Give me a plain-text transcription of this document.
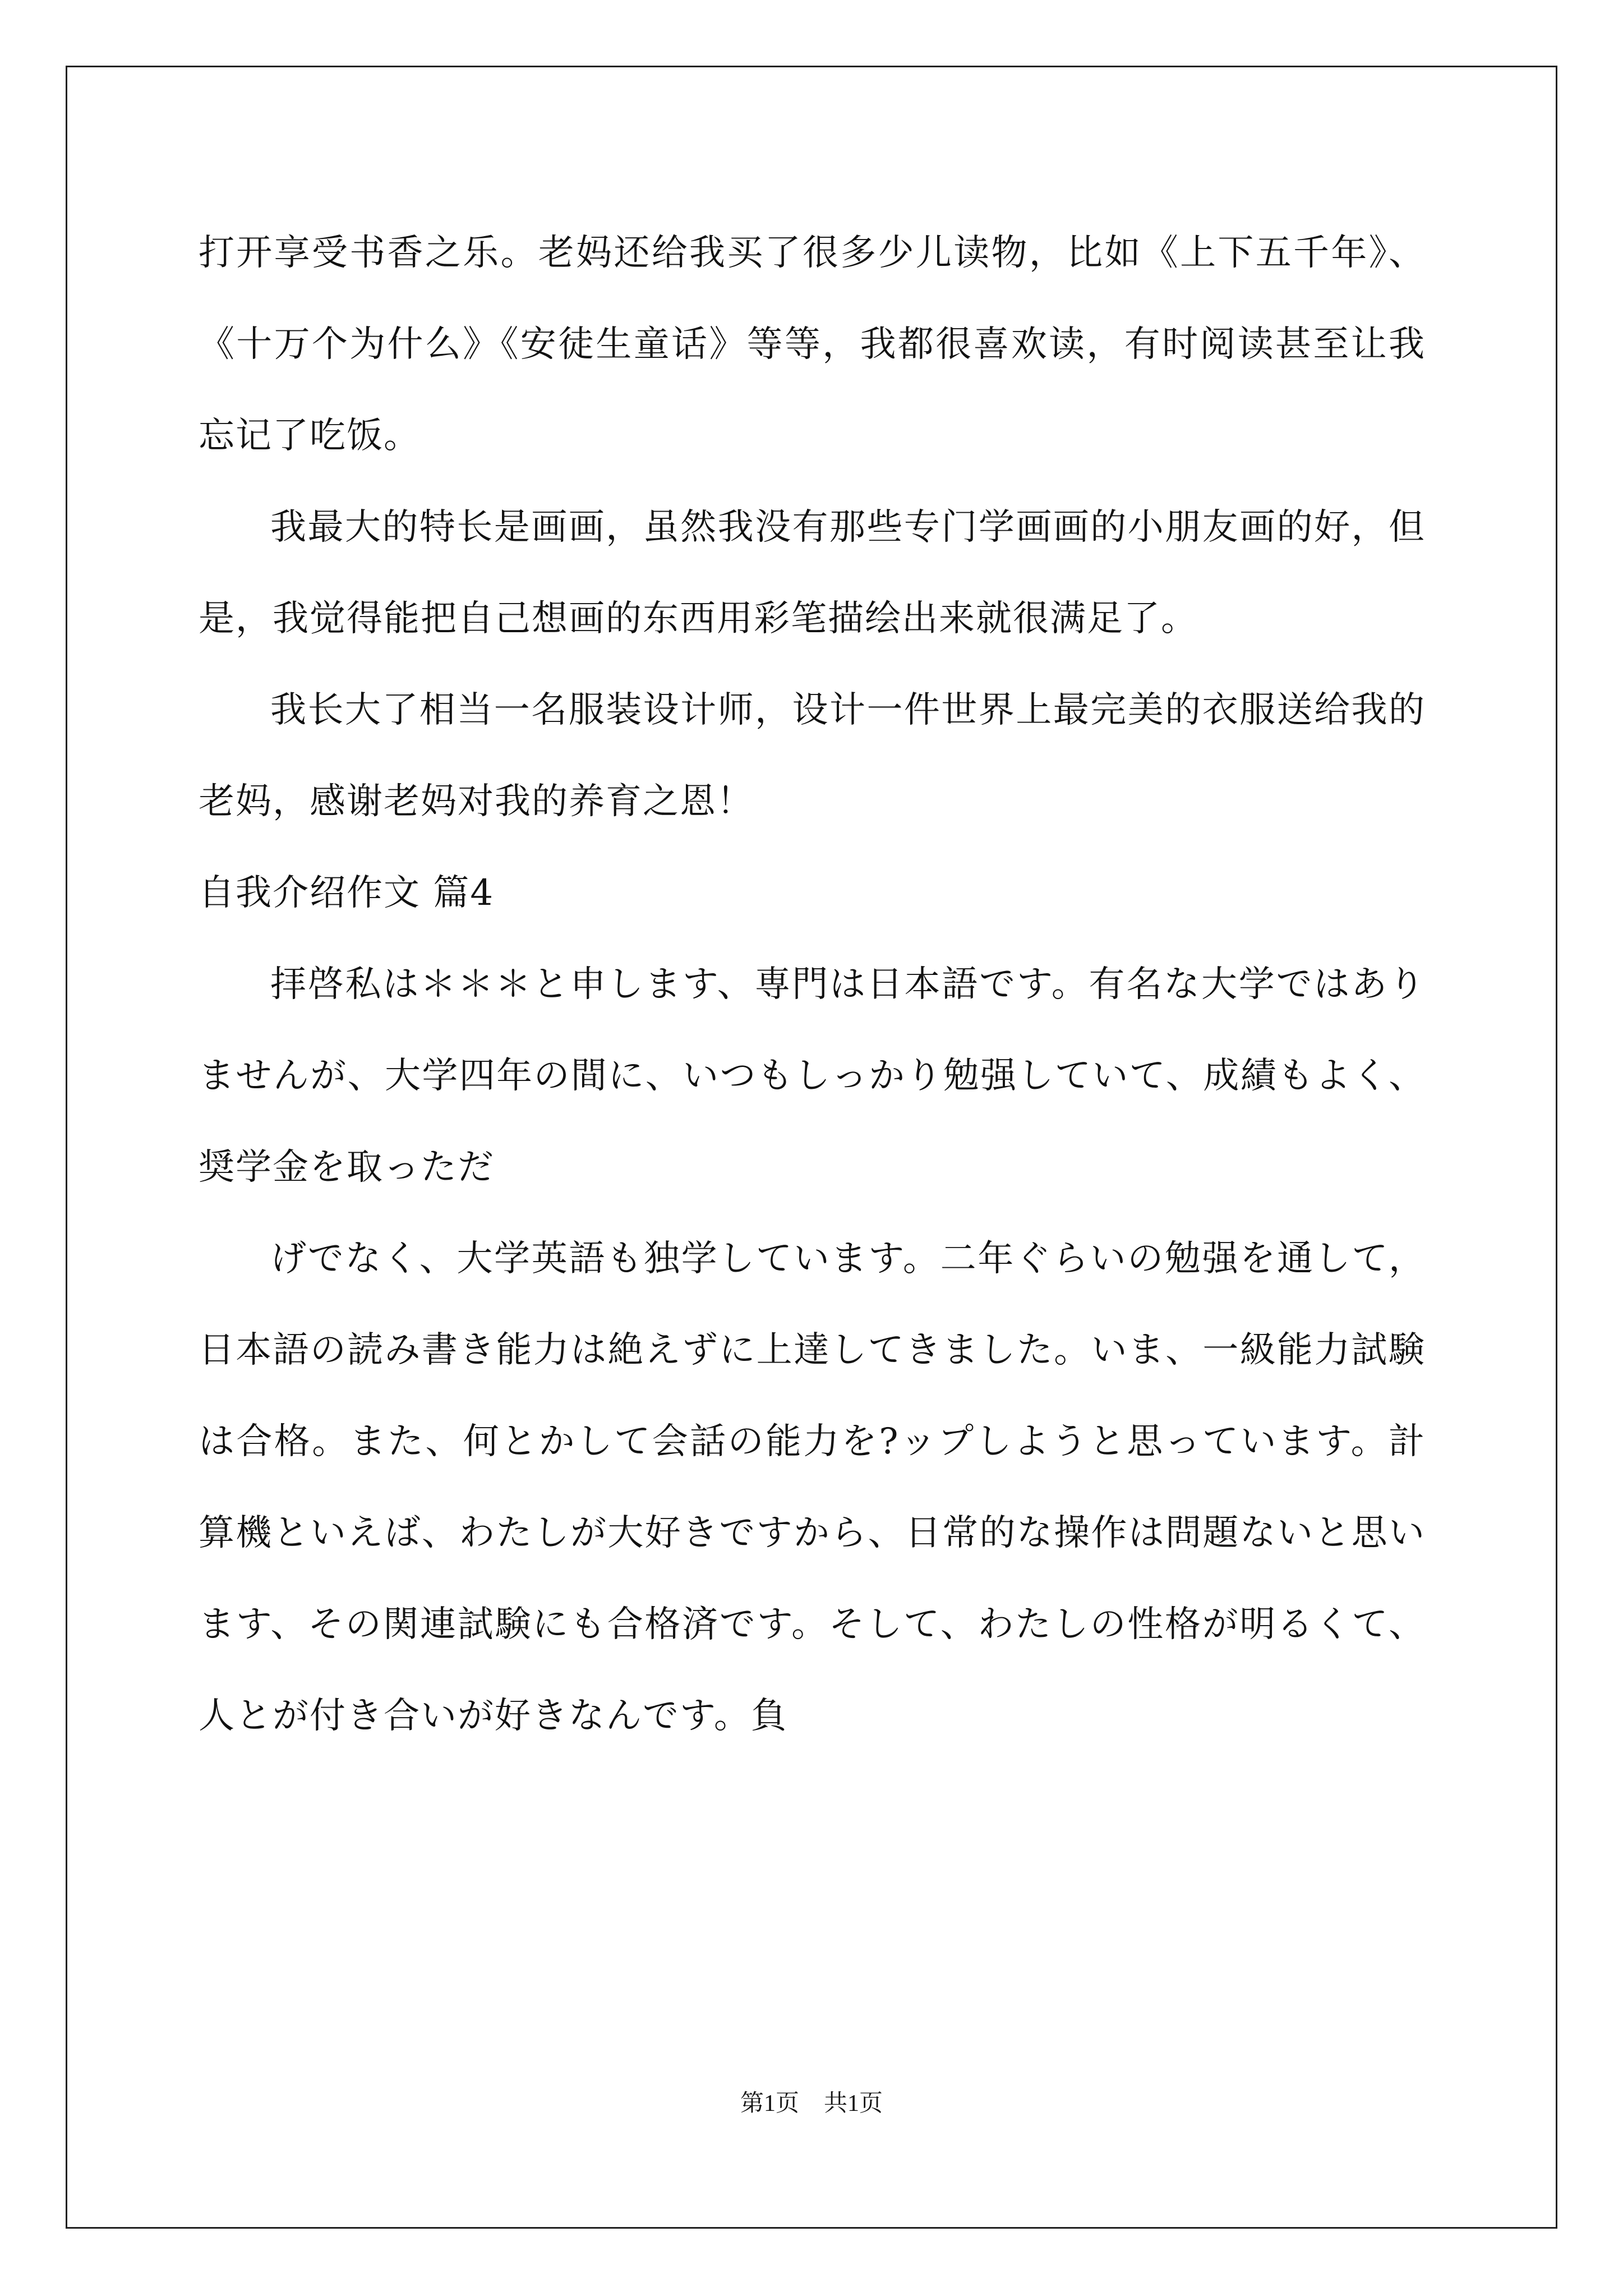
打开享受书香之乐。老妈还给我买了很多少儿读物，比如《上下五千年》、《十万个为什么》《安徒生童话》等等，我都很喜欢读，有时阅读甚至让我忘记了吃饭。

我最大的特长是画画，虽然我没有那些专门学画画的小朋友画的好，但是，我觉得能把自己想画的东西用彩笔描绘出来就很满足了。

我长大了相当一名服装设计师，设计一件世界上最完美的衣服送给我的老妈，感谢老妈对我的养育之恩！

自我介绍作文 篇4

拝啓私は＊＊＊と申します、専門は日本語です。有名な大学ではありませんが、大学四年の間に、いつもしっかり勉强していて、成績もよく、奨学金を取っただ

げでなく、大学英語も独学しています。二年ぐらいの勉强を通して，日本語の読み書き能力は絶えずに上達してきました。いま、一級能力試験は合格。また、何とかして会話の能力を?ップしようと思っています。計算機といえば、わたしが大好きですから、日常的な操作は問題ないと思います、その関連試験にも合格済です。そして、わたしの性格が明るくて、人とが付き合いが好きなんです。負

第1页 共1页
